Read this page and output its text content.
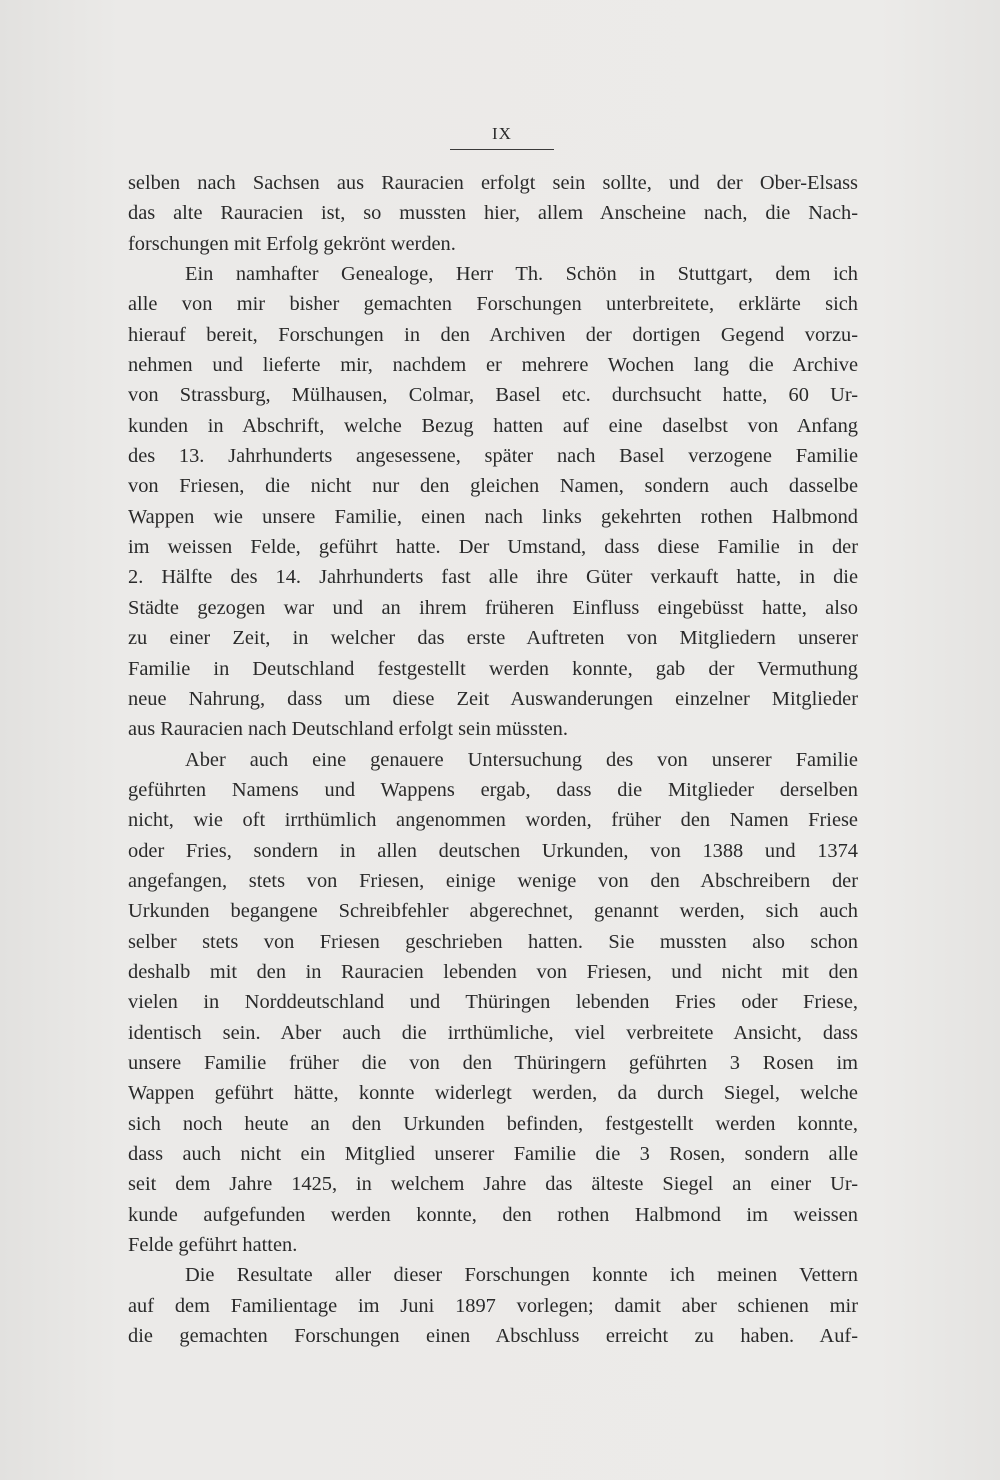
IX
selben nach Sachsen aus Rauracien erfolgt sein sollte, und der Ober-Elsass
das alte Rauracien ist, so mussten hier, allem Anscheine nach, die Nach-
forschungen mit Erfolg gekrönt werden.
Ein namhafter Genealoge, Herr Th. Schön in Stuttgart, dem ich
alle von mir bisher gemachten Forschungen unterbreitete, erklärte sich
hierauf bereit, Forschungen in den Archiven der dortigen Gegend vorzu-
nehmen und lieferte mir, nachdem er mehrere Wochen lang die Archive
von Strassburg, Mülhausen, Colmar, Basel etc. durchsucht hatte, 60 Ur-
kunden in Abschrift, welche Bezug hatten auf eine daselbst von Anfang
des 13. Jahrhunderts angesessene, später nach Basel verzogene Familie
von Friesen, die nicht nur den gleichen Namen, sondern auch dasselbe
Wappen wie unsere Familie, einen nach links gekehrten rothen Halbmond
im weissen Felde, geführt hatte. Der Umstand, dass diese Familie in der
2. Hälfte des 14. Jahrhunderts fast alle ihre Güter verkauft hatte, in die
Städte gezogen war und an ihrem früheren Einfluss eingebüsst hatte, also
zu einer Zeit, in welcher das erste Auftreten von Mitgliedern unserer
Familie in Deutschland festgestellt werden konnte, gab der Vermuthung
neue Nahrung, dass um diese Zeit Auswanderungen einzelner Mitglieder
aus Rauracien nach Deutschland erfolgt sein müssten.
Aber auch eine genauere Untersuchung des von unserer Familie
geführten Namens und Wappens ergab, dass die Mitglieder derselben
nicht, wie oft irrthümlich angenommen worden, früher den Namen Friese
oder Fries, sondern in allen deutschen Urkunden, von 1388 und 1374
angefangen, stets von Friesen, einige wenige von den Abschreibern der
Urkunden begangene Schreibfehler abgerechnet, genannt werden, sich auch
selber stets von Friesen geschrieben hatten. Sie mussten also schon
deshalb mit den in Rauracien lebenden von Friesen, und nicht mit den
vielen in Norddeutschland und Thüringen lebenden Fries oder Friese,
identisch sein. Aber auch die irrthümliche, viel verbreitete Ansicht, dass
unsere Familie früher die von den Thüringern geführten 3 Rosen im
Wappen geführt hätte, konnte widerlegt werden, da durch Siegel, welche
sich noch heute an den Urkunden befinden, festgestellt werden konnte,
dass auch nicht ein Mitglied unserer Familie die 3 Rosen, sondern alle
seit dem Jahre 1425, in welchem Jahre das älteste Siegel an einer Ur-
kunde aufgefunden werden konnte, den rothen Halbmond im weissen
Felde geführt hatten.
Die Resultate aller dieser Forschungen konnte ich meinen Vettern
auf dem Familientage im Juni 1897 vorlegen; damit aber schienen mir
die gemachten Forschungen einen Abschluss erreicht zu haben. Auf-
